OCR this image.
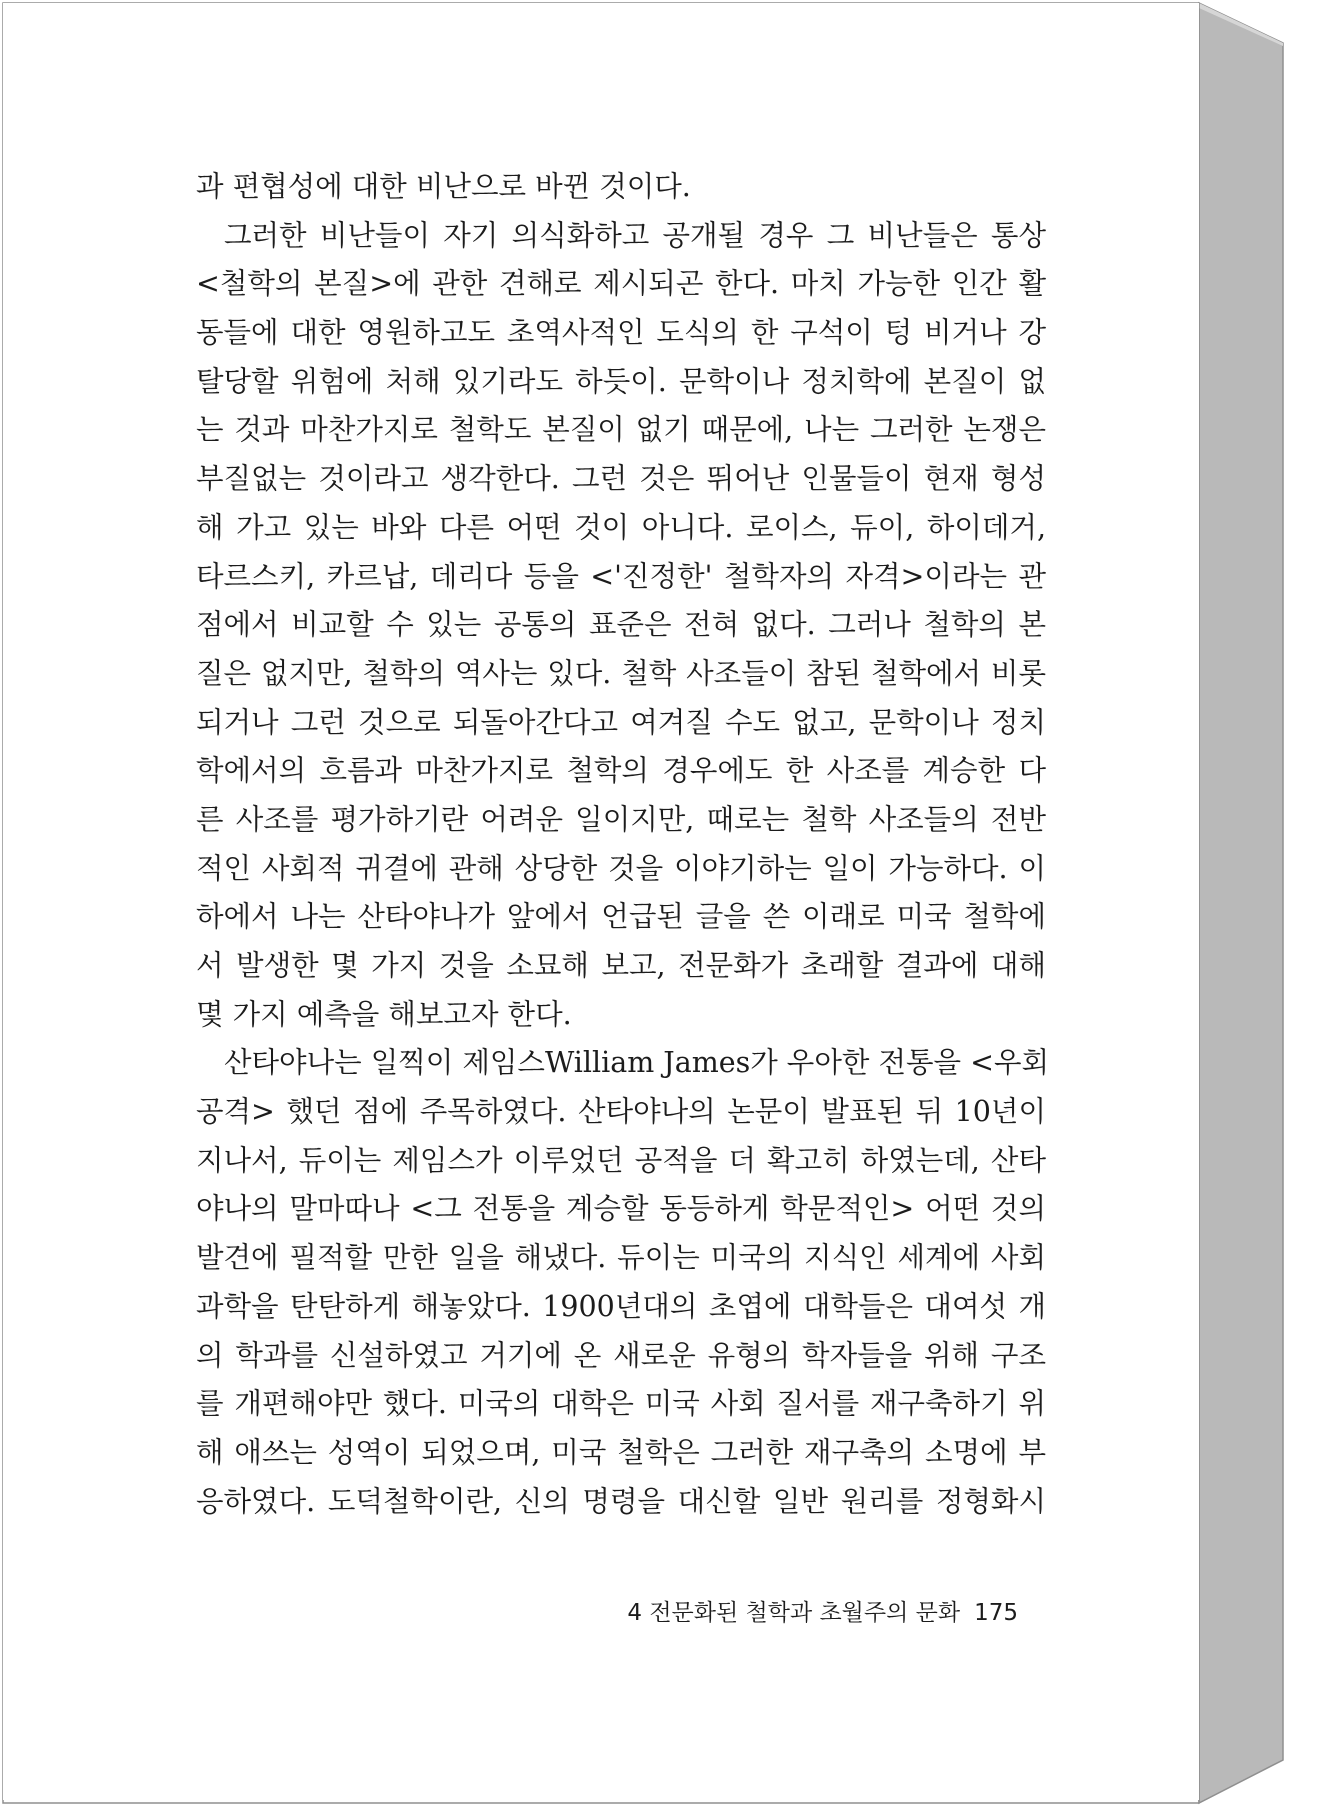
과 편협성에 대한 비난으로 바뀐 것이다.
그러한 비난들이 자기 의식화하고 공개될 경우 그 비난들은 통상
<철학의 본질>에 관한 견해로 제시되곤 한다. 마치 가능한 인간 활
동들에 대한 영원하고도 초역사적인 도식의 한 구석이 텅 비거나 강
탈당할 위험에 처해 있기라도 하듯이. 문학이나 정치학에 본질이 없
는 것과 마찬가지로 철학도 본질이 없기 때문에, 나는 그러한 논쟁은
부질없는 것이라고 생각한다. 그런 것은 뛰어난 인물들이 현재 형성
해 가고 있는 바와 다른 어떤 것이 아니다. 로이스, 듀이, 하이데거,
타르스키, 카르납, 데리다 등을 <'진정한' 철학자의 자격>이라는 관
점에서 비교할 수 있는 공통의 표준은 전혀 없다. 그러나 철학의 본
질은 없지만, 철학의 역사는 있다. 철학 사조들이 참된 철학에서 비롯
되거나 그런 것으로 되돌아간다고 여겨질 수도 없고, 문학이나 정치
학에서의 흐름과 마찬가지로 철학의 경우에도 한 사조를 계승한 다
른 사조를 평가하기란 어려운 일이지만, 때로는 철학 사조들의 전반
적인 사회적 귀결에 관해 상당한 것을 이야기하는 일이 가능하다. 이
하에서 나는 산타야나가 앞에서 언급된 글을 쓴 이래로 미국 철학에
서 발생한 몇 가지 것을 소묘해 보고, 전문화가 초래할 결과에 대해
몇 가지 예측을 해보고자 한다.
산타야나는 일찍이 제임스William James가 우아한 전통을 <우회
공격> 했던 점에 주목하였다. 산타야나의 논문이 발표된 뒤 10년이
지나서, 듀이는 제임스가 이루었던 공적을 더 확고히 하였는데, 산타
야나의 말마따나 <그 전통을 계승할 동등하게 학문적인> 어떤 것의
발견에 필적할 만한 일을 해냈다. 듀이는 미국의 지식인 세계에 사회
과학을 탄탄하게 해놓았다. 1900년대의 초엽에 대학들은 대여섯 개
의 학과를 신설하였고 거기에 온 새로운 유형의 학자들을 위해 구조
를 개편해야만 했다. 미국의 대학은 미국 사회 질서를 재구축하기 위
해 애쓰는 성역이 되었으며, 미국 철학은 그러한 재구축의 소명에 부
응하였다. 도덕철학이란, 신의 명령을 대신할 일반 원리를 정형화시
4 전문화된 철학과 초월주의 문화 175
